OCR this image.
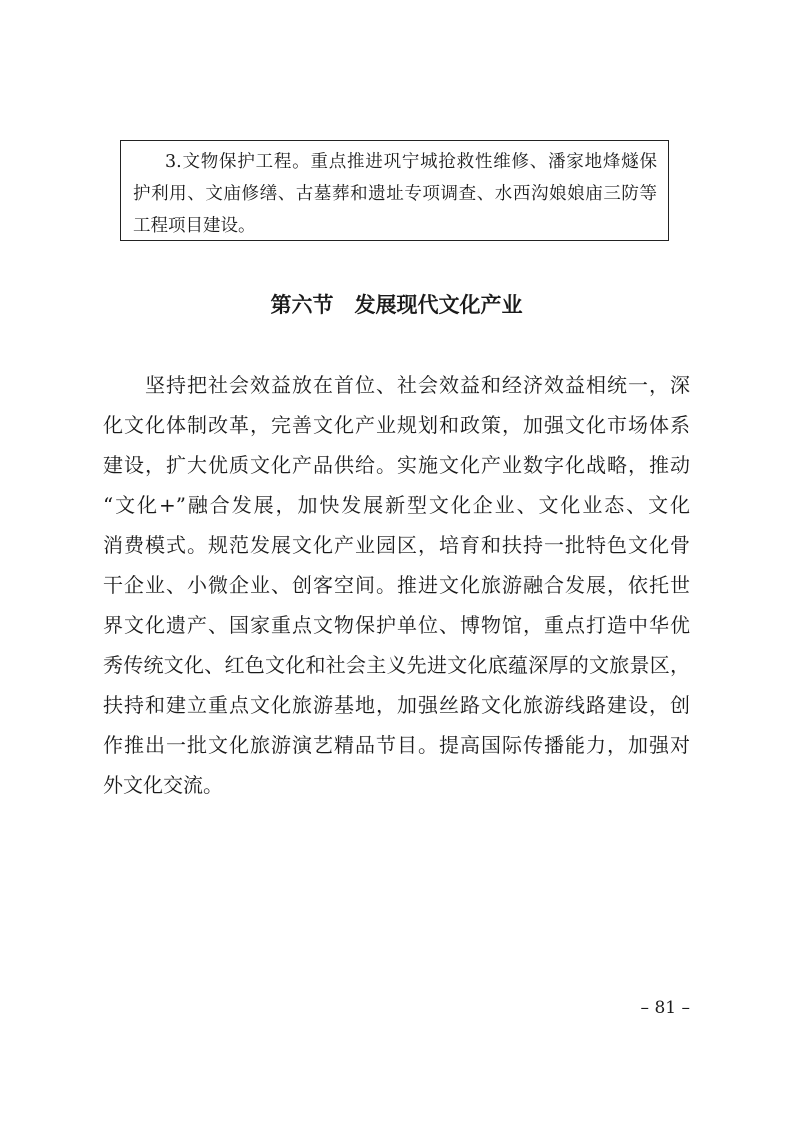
3.文物保护工程。重点推进巩宁城抢救性维修、潘家地烽燧保
护利用、文庙修缮、古墓葬和遗址专项调查、水西沟娘娘庙三防等
工程项目建设。
第六节　发展现代文化产业
坚持把社会效益放在首位、社会效益和经济效益相统一，深
化文化体制改革，完善文化产业规划和政策，加强文化市场体系
建设，扩大优质文化产品供给。实施文化产业数字化战略，推动
“文化+”融合发展，加快发展新型文化企业、文化业态、文化
消费模式。规范发展文化产业园区，培育和扶持一批特色文化骨
干企业、小微企业、创客空间。推进文化旅游融合发展，依托世
界文化遗产、国家重点文物保护单位、博物馆，重点打造中华优
秀传统文化、红色文化和社会主义先进文化底蕴深厚的文旅景区，
扶持和建立重点文化旅游基地，加强丝路文化旅游线路建设，创
作推出一批文化旅游演艺精品节目。提高国际传播能力，加强对
外文化交流。
– 81 –
